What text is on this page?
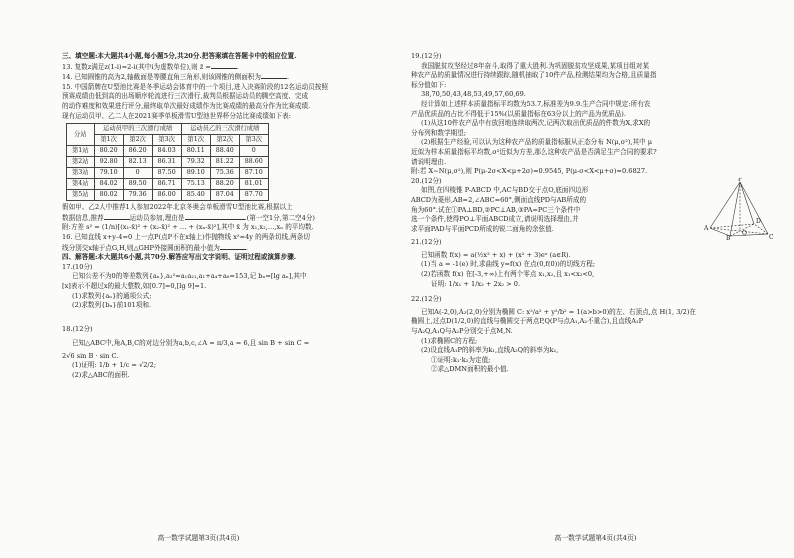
三、填空题:本大题共4小题,每小题5分,共20分.把答案填在答题卡中的相应位置.

13. 复数z满足z(1-i)=2-i(其中i为虚数单位),则 z̄ =	.

14. 已知圆锥的高为2,轴截面是等腰直角三角形,则该圆锥的侧面积为	.

15. 中国箭牌在U型池比赛是冬季运动会体育中的一个项目,进入决赛阶段的12名运动员按照

预赛成绩由低到高的出场顺序轮流进行三次滑行,裁判员根据运动员的腾空高度、完成

的动作难度和效果进行评分,最终取单次最好成绩作为比赛成绩的最高分作为比赛成绩.

现有运动员甲、乙二人在2021赛季单板滑雪U型池世界杯分站比赛成绩如下表:

分站	运动员甲的三次滑行成绩			运动员乙的三次滑行成绩		
	第1次	第2次	第3次	第1次	第2次	第3次
第1站	80.20	86.20	84.03	80.11	88.40	0
第2站	92.80	82.13	86.31	79.32	81.22	88.60
第3站	79.10	0	87.50	89.10	75.36	87.10
第4站	84.02	89.50	86.71	75.13	88.20	81.01
第5站	80.02	79.36	86.00	85.40	87.04	87.70

假如甲、乙2人中推荐1人参加2022年北京冬奥会单板滑雪U型池比赛,根据以上

数据信息,推荐	运动员参加,理由是	.(第一空1分,第二空4分)

附:方差 s² = (1/n)[(x₁-x̄)² + (x₂-x̄)² + … + (xₙ-x̄)²],其中 x̄ 为 x₁,x₂,…,xₙ 的平均数.

16. 已知直线 x+y-4=0 上一点P(点P不在x轴上)作抛物线 x²=4y 的两条切线,两条切

线分别交x轴于点G,H,则△GHP外接圆面积的最小值为	.

四、解答题:本大题共6小题,共70分.解答应写出文字说明、证明过程或演算步骤.

17.(10分)

已知公差不为0的等差数列{aₙ},a₂²=a₁a₂₁,a₁+a₄+a₆=153,记 bₙ=[lg aₙ],其中

[x]表示不超过x的最大整数,如[0.7]=0,[lg 9]=1.

(1)求数列{aₙ}的通项公式;

(2)求数列{bₙ}前101项和.

18.(12分)

已知△ABC中,角A,B,C的对边分别为a,b,c,∠A = π/3,a = 6,且 sin B + sin C =

2√6 sin B · sin C.

(1)证明: 1/b + 1/c = √2/2;

(2)求△ABC的面积.

高一数学试题第3页(共4页)

19.(12分)

我国脱贫攻坚经过8年奋斗,取得了重大胜利.为巩固脱贫攻坚成果,某项目组对某

种农产品的质量情况进行持续跟踪,随机抽取了10件产品,检测结果均为合格,且质量指

标分值如下:

38,70,50,43,48,53,49,57,60,69.

经计算如上述样本质量指标平均数为53.7,标准差为9.9.生产合同中规定:所有农

产品优质品的占比不得低于15%(以质量指标在63分以上的产品为优质品).

(1)从这10件农产品中有放回地连续取两次,记两次取出优质品的件数为X,求X的

分布列和数学期望;

(2)根据生产经验,可以认为这种农产品的质量指标服从正态分布 N(μ,σ²),其中 μ

近似为样本质量指标平均数,σ²近似为方差,那么这种农产品是否满足生产合同的要求?

请说明理由.

附:若 X~N(μ,σ²),则 P(μ-2σ<X<μ+2σ)=0.9545, P(μ-σ<X<μ+σ)=0.6827.

20.(12分)	P
A
B	C
D
O

如图,在四棱锥 P-ABCD 中,AC与BD交于点O,底面四边形

ABCD为菱形,AB=2,∠ABC=60°,侧面直线PD与AB所成的

角为60°.试在①PA⊥BD,②PC⊥AB,③PA=PC三个条件中

选一个条件,使得PO⊥平面ABCD成立,请说明选择理由,并

求平面PAD与平面PCD所成的锐二面角的余弦值.

21.(12分)

已知函数 f(x) = a(½x² + x) + (x² + 3)eˣ (a∈R).

(1)当 a = -1(e) 时,求曲线 y=f(x) 在点(0,f(0))的切线方程;

(2)若函数 f(x) 在[-3,+∞)上有两个零点 x₁,x₂,且 x₁<x₂<0,

证明: 1/x₁ + 1/x₂ + 2x₂ > 0.

22.(12分)

已知A(-2,0),A₂(2,0)分别为椭圆 C: x²/a² + y²/b² = 1(a>b>0)的左、右顶点,点 H(1, 3/2)在

椭圆上,过点D(1/2,0)的直线与椭圆交于两点P,Q(P与点A₁,A₂不重合),且直线A₁P

与A₂Q,A₁Q与A₂P分别交于点M,N.

(1)求椭圆C的方程;

(2)设直线A₁P的斜率为k₁,直线A₂Q的斜率为k₂,

①证明:k₁·k₂为定值;

②求△DMN面积的最小值.

高一数学试题第4页(共4页)
